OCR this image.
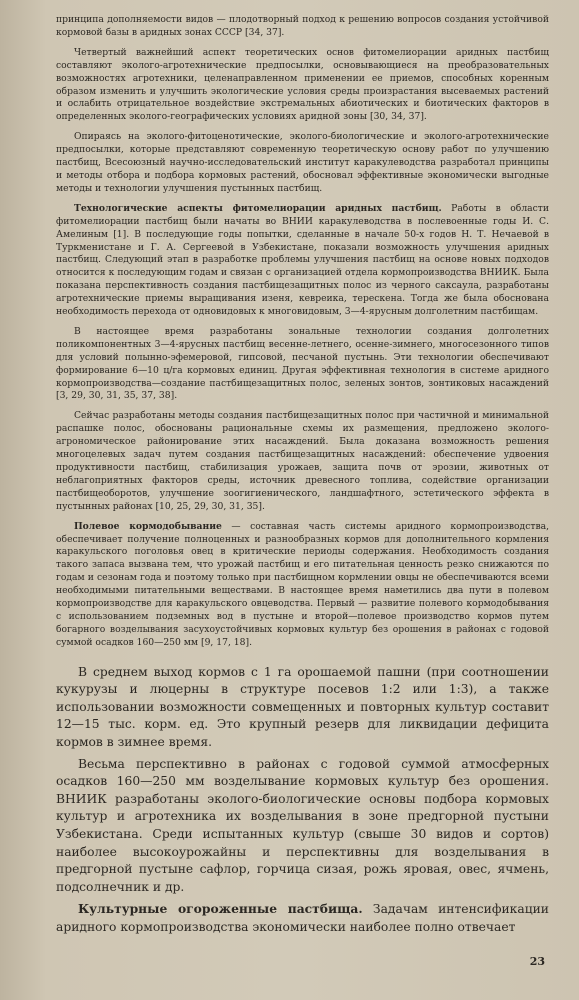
принципа дополняемости видов — плодотворный подход к решению вопросов создания устойчивой кормовой базы в аридных зонах СССР [34, 37].

Четвертый важнейший аспект теоретических основ фитомелиорации аридных пастбищ составляют эколого-агротехнические предпосылки, основывающиеся на преобразовательных возможностях агротехники, целенаправленном применении ее приемов, способных коренным образом изменить и улучшить экологические условия среды произрастания высеваемых растений и ослабить отрицательное воздействие экстремальных абиотических и биотических факторов в определенных эколого-географических условиях аридной зоны [30, 34, 37].

Опираясь на эколого-фитоценотические, эколого-биологические и эколого-агротехнические предпосылки, которые представляют современную теоретическую основу работ по улучшению пастбищ, Всесоюзный научно-исследовательский институт каракулеводства разработал принципы и методы отбора и подбора кормовых растений, обосновал эффективные экономически выгодные методы и технологии улучшения пустынных пастбищ.

Технологические аспекты фитомелиорации аридных пастбищ. Работы в области фитомелиорации пастбищ были начаты во ВНИИ каракулеводства в послевоенные годы И. С. Амелиным [1]. В последующие годы попытки, сделанные в начале 50-х годов Н. Т. Нечаевой в Туркменистане и Г. А. Сергеевой в Узбекистане, показали возможность улучшения аридных пастбищ. Следующий этап в разработке проблемы улучшения пастбищ на основе новых подходов относится к последующим годам и связан с организацией отдела кормопроизводства ВНИИК. Была показана перспективность создания пастбищезащитных полос из черного саксаула, разработаны агротехнические приемы выращивания изеня, кевреика, терескена. Тогда же была обоснована необходимость перехода от одновидовых к многовидовым, 3—4-ярусным долголетним пастбищам.

В настоящее время разработаны зональные технологии создания долголетних поликомпонентных 3—4-ярусных пастбищ весенне-летнего, осенне-зимнего, многосезонного типов для условий полынно-эфемеровой, гипсовой, песчаной пустынь. Эти технологии обеспечивают формирование 6—10 ц/га кормовых единиц. Другая эффективная технология в системе аридного кормопроизводства—создание пастбищезащитных полос, зеленых зонтов, зонтиковых насаждений [3, 29, 30, 31, 35, 37, 38].

Сейчас разработаны методы создания пастбищезащитных полос при частичной и минимальной распашке полос, обоснованы рациональные схемы их размещения, предложено эколого-агрономическое районирование этих насаждений. Была доказана возможность решения многоцелевых задач путем создания пастбищезащитных насаждений: обеспечение удвоения продуктивности пастбищ, стабилизация урожаев, защита почв от эрозии, животных от неблагоприятных факторов среды, источник древесного топлива, содействие организации пастбищеоборотов, улучшение зоогигиенического, ландшафтного, эстетического эффекта в пустынных районах [10, 25, 29, 30, 31, 35].

Полевое кормодобывание — составная часть системы аридного кормопроизводства, обеспечивает получение полноценных и разнообразных кормов для дополнительного кормления каракульского поголовья овец в критические периоды содержания. Необходимость создания такого запаса вызвана тем, что урожай пастбищ и его питательная ценность резко снижаются по годам и сезонам года и поэтому только при пастбищном кормлении овцы не обеспечиваются всеми необходимыми питательными веществами. В настоящее время наметились два пути в полевом кормопроизводстве для каракульского овцеводства. Первый — развитие полевого кормодобывания с использованием подземных вод в пустыне и второй—полевое производство кормов путем богарного возделывания засухоустойчивых кормовых культур без орошения в районах с годовой суммой осадков 160—250 мм [9, 17, 18].

В среднем выход кормов с 1 га орошаемой пашни (при соотношении кукурузы и люцерны в структуре посевов 1:2 или 1:3), а также использовании возможности совмещенных и повторных культур составит 12—15 тыс. корм. ед. Это крупный резерв для ликвидации дефицита кормов в зимнее время.

Весьма перспективно в районах с годовой суммой атмосферных осадков 160—250 мм возделывание кормовых культур без орошения. ВНИИК разработаны эколого-биологические основы подбора кормовых культур и агротехника их возделывания в зоне предгорной пустыни Узбекистана. Среди испытанных культур (свыше 30 видов и сортов) наиболее высокоурожайны и перспективны для возделывания в предгорной пустыне сафлор, горчица сизая, рожь яровая, овес, ячмень, подсолнечник и др.

Культурные огороженные пастбища. Задачам интенсификации аридного кормопроизводства экономически наиболее полно отвечает

23
